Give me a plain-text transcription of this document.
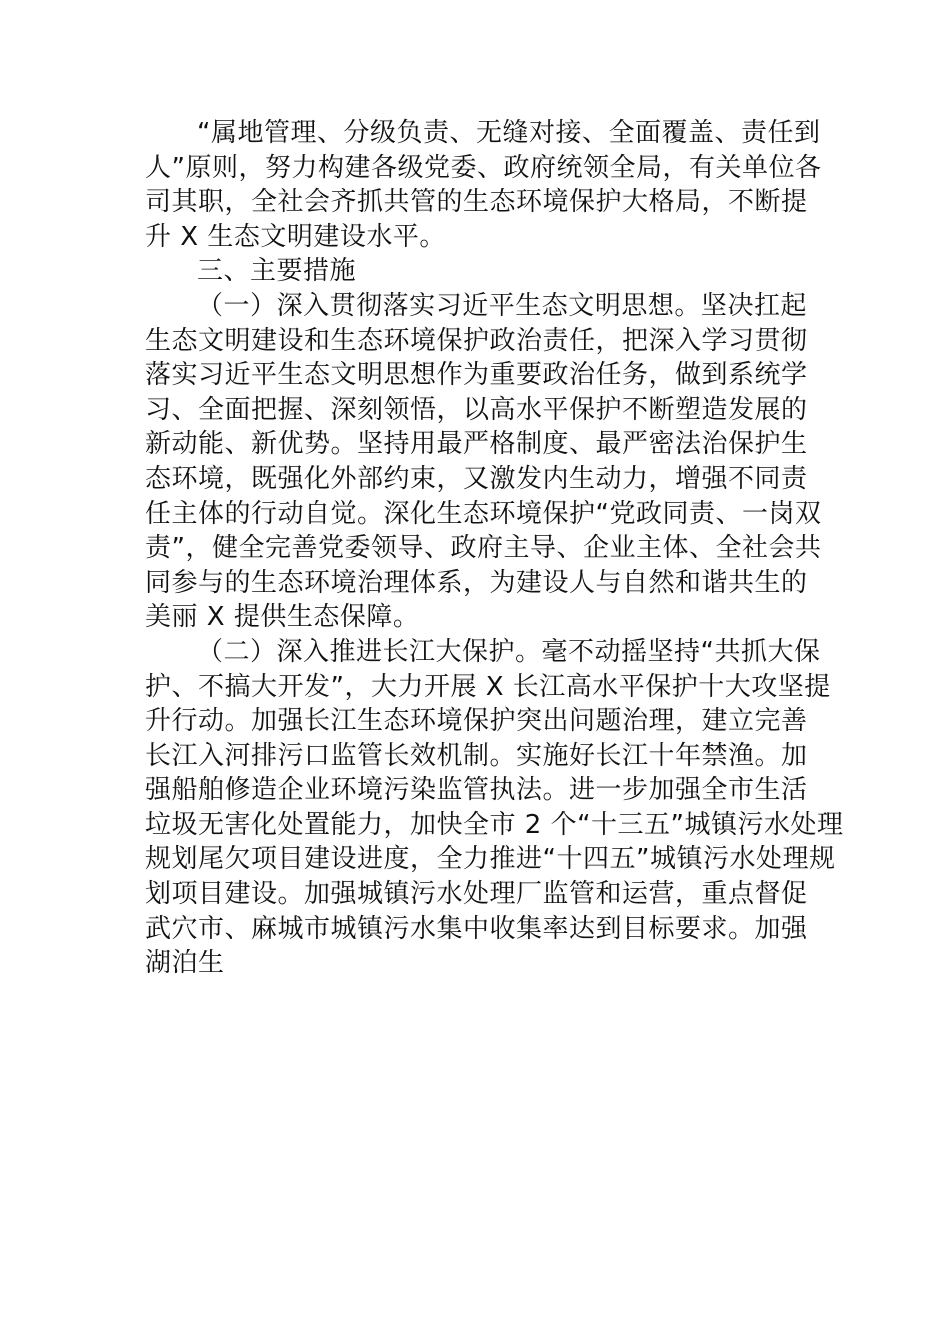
“属地管理、分级负责、无缝对接、全面覆盖、责任到
人”原则，努力构建各级党委、政府统领全局，有关单位各
司其职，全社会齐抓共管的生态环境保护大格局，不断提
升 X 生态文明建设水平。
三、主要措施
（一）深入贯彻落实习近平生态文明思想。坚决扛起
生态文明建设和生态环境保护政治责任，把深入学习贯彻
落实习近平生态文明思想作为重要政治任务，做到系统学
习、全面把握、深刻领悟，以高水平保护不断塑造发展的
新动能、新优势。坚持用最严格制度、最严密法治保护生
态环境，既强化外部约束，又激发内生动力，增强不同责
任主体的行动自觉。深化生态环境保护“党政同责、一岗双
责”，健全完善党委领导、政府主导、企业主体、全社会共
同参与的生态环境治理体系，为建设人与自然和谐共生的
美丽 X 提供生态保障。
（二）深入推进长江大保护。毫不动摇坚持“共抓大保
护、不搞大开发”，大力开展 X 长江高水平保护十大攻坚提
升行动。加强长江生态环境保护突出问题治理，建立完善
长江入河排污口监管长效机制。实施好长江十年禁渔。加
强船舶修造企业环境污染监管执法。进一步加强全市生活
垃圾无害化处置能力，加快全市 2 个“十三五”城镇污水处理
规划尾欠项目建设进度，全力推进“十四五”城镇污水处理规
划项目建设。加强城镇污水处理厂监管和运营，重点督促
武穴市、麻城市城镇污水集中收集率达到目标要求。加强
湖泊生
